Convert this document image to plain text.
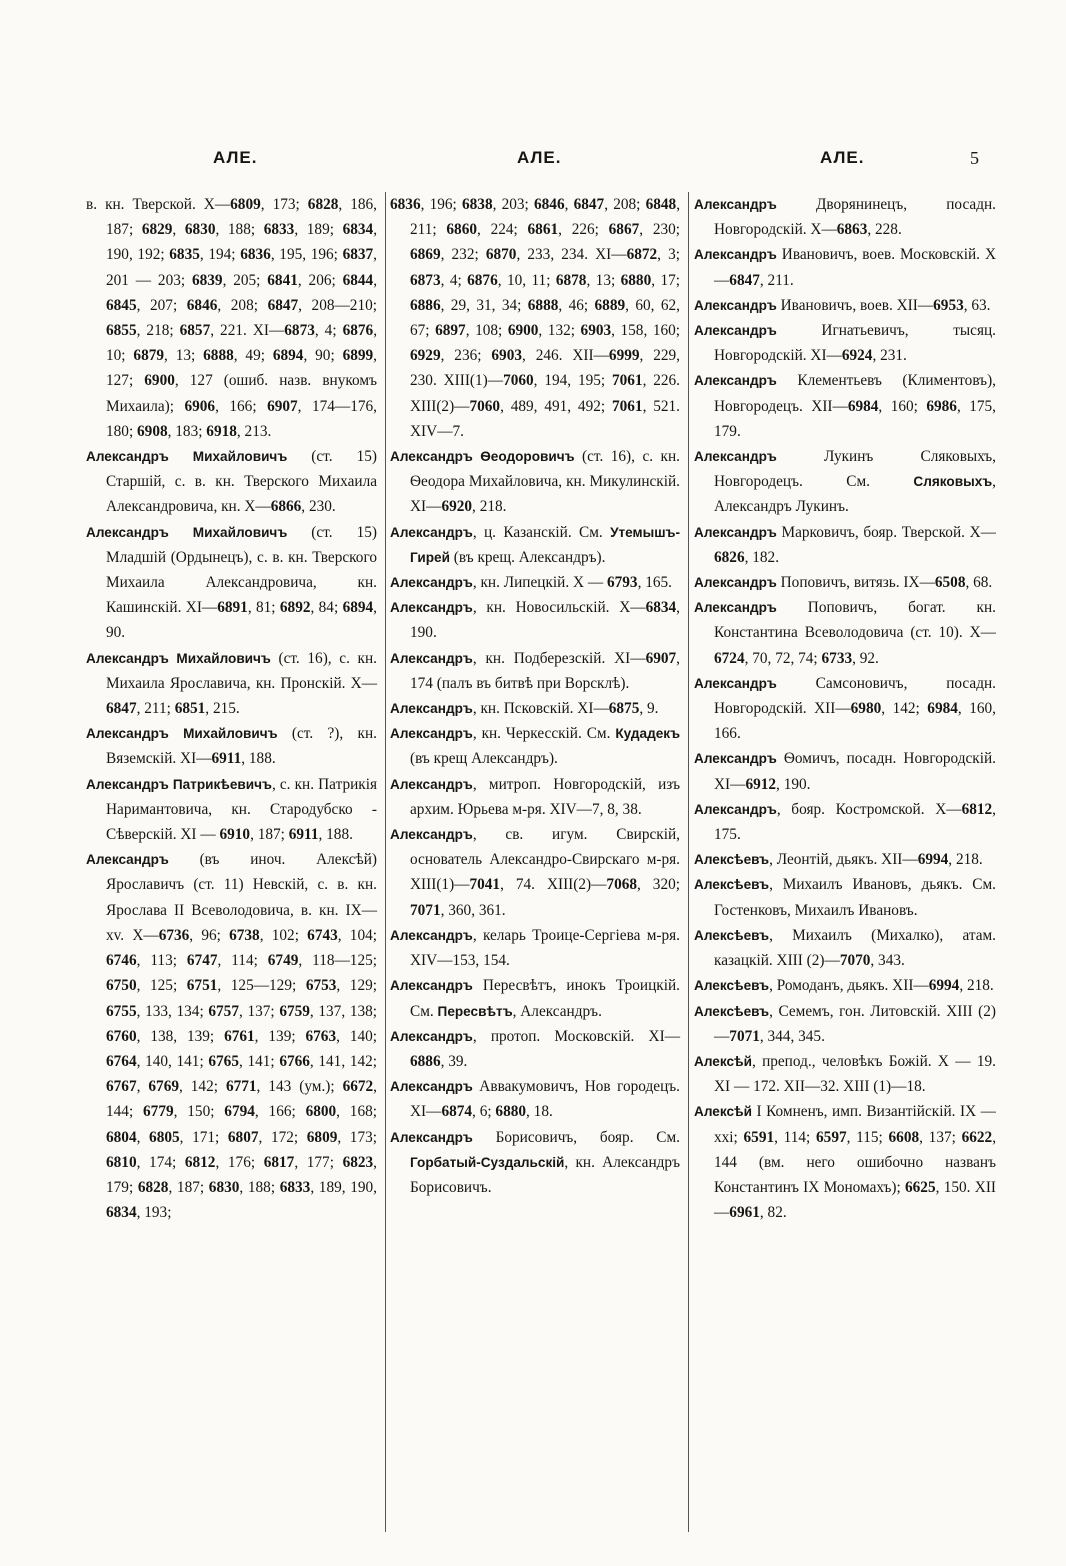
АЛЕ.	АЛЕ.	АЛЕ.	5

в. кн. Тверской. X—6809, 173; 6828, 186, 187; 6829, 6830, 188; 6833, 189; 6834, 190, 192; 6835, 194; 6836, 195, 196; 6837, 201 — 203; 6839, 205; 6841, 206; 6844, 6845, 207; 6846, 208; 6847, 208—210; 6855, 218; 6857, 221. XI—6873, 4; 6876, 10; 6879, 13; 6888, 49; 6894, 90; 6899, 127; 6900, 127 (ошиб. назв. внукомъ Михаила); 6906, 166; 6907, 174—176, 180; 6908, 183; 6918, 213.

Александръ Михайловичъ (ст. 15) Старшій, с. в. кн. Тверского Михаила Александровича, кн. X—6866, 230.

Александръ Михайловичъ (ст. 15) Младшій (Ордынецъ), с. в. кн. Тверского Михаила Александровича, кн. Кашинскій. XI—6891, 81; 6892, 84; 6894, 90.

Александръ Михайловичъ (ст. 16), с. кн. Михаила Ярославича, кн. Пронскій. X—6847, 211; 6851, 215.

Александръ Михайловичъ (ст. ?), кн. Вяземскій. XI—6911, 188.

Александръ Патрикѣевичъ, с. кн. Патрикія Наримантовича, кн. Стародубско - Сѣверскій. XI — 6910, 187; 6911, 188.

Александръ (въ иноч. Алексѣй) Ярославичъ (ст. 11) Невскій, с. в. кн. Ярослава II Всеволодовича, в. кн. IX—xv. X—6736, 96; 6738, 102; 6743, 104; 6746, 113; 6747, 114; 6749, 118—125; 6750, 125; 6751, 125—129; 6753, 129; 6755, 133, 134; 6757, 137; 6759, 137, 138; 6760, 138, 139; 6761, 139; 6763, 140; 6764, 140, 141; 6765, 141; 6766, 141, 142; 6767, 6769, 142; 6771, 143 (ум.); 6672, 144; 6779, 150; 6794, 166; 6800, 168; 6804, 6805, 171; 6807, 172; 6809, 173; 6810, 174; 6812, 176; 6817, 177; 6823, 179; 6828, 187; 6830, 188; 6833, 189, 190, 6834, 193;

6836, 196; 6838, 203; 6846, 6847, 208; 6848, 211; 6860, 224; 6861, 226; 6867, 230; 6869, 232; 6870, 233, 234. XI—6872, 3; 6873, 4; 6876, 10, 11; 6878, 13; 6880, 17; 6886, 29, 31, 34; 6888, 46; 6889, 60, 62, 67; 6897, 108; 6900, 132; 6903, 158, 160; 6929, 236; 6903, 246. XII—6999, 229, 230. XIII(1)—7060, 194, 195; 7061, 226. XIII(2)—7060, 489, 491, 492; 7061, 521. XIV—7.

Александръ Ѳеодоровичъ (ст. 16), с. кн. Ѳеодора Михайловича, кн. Микулинскій. XI—6920, 218.

Александръ, ц. Казанскій. См. Утемышъ-Гирей (въ крещ. Александръ).

Александръ, кн. Липецкій. X — 6793, 165.

Александръ, кн. Новосильскій. X—6834, 190.

Александръ, кн. Подберезскій. XI—6907, 174 (палъ въ битвѣ при Ворсклѣ).

Александръ, кн. Псковскій. XI—6875, 9.

Александръ, кн. Черкесскій. См. Кудадекъ (въ крещ Александръ).

Александръ, митроп. Новгородскій, изъ архим. Юрьева м-ря. XIV—7, 8, 38.

Александръ, св. игум. Свирскій, основатель Александро-Свирскаго м-ря. XIII(1)—7041, 74. XIII(2)—7068, 320; 7071, 360, 361.

Александръ, келарь Троице-Сергіева м-ря. XIV—153, 154.

Александръ Пересвѣтъ, инокъ Троицкій. См. Пересвѣтъ, Александръ.

Александръ, протоп. Московскій. XI—6886, 39.

Александръ Аввакумовичъ, Нов городецъ. XI—6874, 6; 6880, 18.

Александръ Борисовичъ, бояр. См. Горбатый-Суздальскій, кн. Александръ Борисовичъ.

Александръ Дворянинецъ, посадн. Новгородскій. X—6863, 228.

Александръ Ивановичъ, воев. Московскій. X—6847, 211.

Александръ Ивановичъ, воев. XII—6953, 63.

Александръ Игнатьевичъ, тысяц. Новгородскій. XI—6924, 231.

Александръ Клементьевъ (Климентовъ), Новгородецъ. XII—6984, 160; 6986, 175, 179.

Александръ Лукинъ Сляковыхъ, Новгородецъ. См. Сляковыхъ, Александръ Лукинъ.

Александръ Марковичъ, бояр. Тверской. X—6826, 182.

Александръ Поповичъ, витязь. IX—6508, 68.

Александръ Поповичъ, богат. кн. Константина Всеволодовича (ст. 10). X—6724, 70, 72, 74; 6733, 92.

Александръ Самсоновичъ, посадн. Новгородскій. XII—6980, 142; 6984, 160, 166.

Александръ Ѳомичъ, посадн. Новгородскій. XI—6912, 190.

Александръ, бояр. Костромской. X—6812, 175.

Алексѣевъ, Леонтій, дьякъ. XII—6994, 218.

Алексѣевъ, Михаилъ Ивановъ, дьякъ. См. Гостенковъ, Михаилъ Ивановъ.

Алексѣевъ, Михаилъ (Михалко), атам. казацкій. XIII (2)—7070, 343.

Алексѣевъ, Ромоданъ, дьякъ. XII—6994, 218.

Алексѣевъ, Семемъ, гон. Литовскій. XIII (2)—7071, 344, 345.

Алексѣй, препод., человѣкъ Божій. X — 19. XI — 172. XII—32. XIII (1)—18.

Алексѣй I Комненъ, имп. Византійскій. IX — xxi; 6591, 114; 6597, 115; 6608, 137; 6622, 144 (вм. него ошибочно названъ Константинъ IX Мономахъ); 6625, 150. XII—6961, 82.
